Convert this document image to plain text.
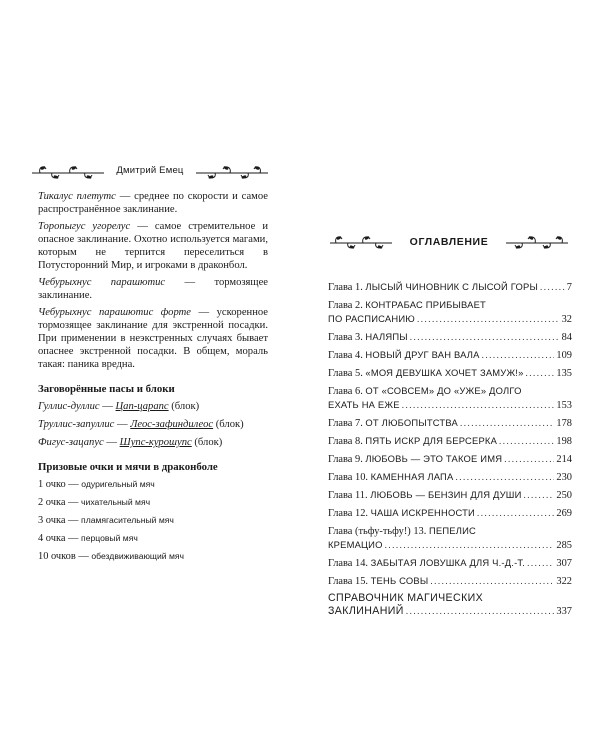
Дмитрий Емец

Тикалус плетутс — среднее по скорости и самое распространённое заклинание.

Торопыгус угорелус — самое стремительное и опасное заклинание. Охотно используется магами, которым не терпится переселиться в Потусторонний Мир, и игроками в драконбол.

Чебурыхнус парашютис — тормозящее заклинание.

Чебурыхнус парашютис форте — ускоренное тормозящее заклинание для экстренной посадки. При применении в неэкстренных случаях бывает опаснее экстренной посадки. В общем, мораль такая: паника вредна.

Заговорённые пасы и блоки
Гуллис-дуллис — Цап-царапс (блок)
Труллис-запуллис — Леос-зафиндилеос (блок)
Фигус-зацапус — Шупс-курошупс (блок)
Призовые очки и мячи в драконболе
1 очко — одуригельный мяч
2 очка — чихательный мяч
3 очка — пламягасительный мяч
4 очка — перцовый мяч
10 очков — обездвиживающий мяч
ОГЛАВЛЕНИЕ
Глава 1.
ЛЫСЫЙ ЧИНОВНИК С ЛЫСОЙ ГОРЫ .....	7
Глава 2.
КОНТРАБАС ПРИБЫВАЕТ
ПО РАСПИСАНИЮ .....	32
Глава 3.
НАЛЯПЫ .....	84
Глава 4.
НОВЫЙ ДРУГ ВАН ВАЛА .....	109
Глава 5.
«МОЯ ДЕВУШКА ХОЧЕТ ЗАМУЖ!» .....	135
Глава 6.
ОТ «СОВСЕМ» ДО «УЖЕ» ДОЛГО
ЕХАТЬ НА ЕЖЕ .....	153
Глава 7.
ОТ ЛЮБОПЫТСТВА .....	178
Глава 8.
ПЯТЬ ИСКР ДЛЯ БЕРСЕРКА .....	198
Глава 9.
ЛЮБОВЬ — ЭТО ТАКОЕ ИМЯ .....	214
Глава 10.
КАМЕННАЯ ЛАПА .....	230
Глава 11.
ЛЮБОВЬ — БЕНЗИН ДЛЯ ДУШИ .....	250
Глава 12.
ЧАША ИСКРЕННОСТИ .....	269
Глава (тьфу-тьфу!) 13.
ПЕПЕЛИС
КРЕМАЦИО .....	285
Глава 14.
ЗАБЫТАЯ ЛОВУШКА ДЛЯ Ч.-Д.-Т. .....	307
Глава 15.
ТЕНЬ СОВЫ .....	322
СПРАВОЧНИК МАГИЧЕСКИХ
ЗАКЛИНАНИЙ .....	337
